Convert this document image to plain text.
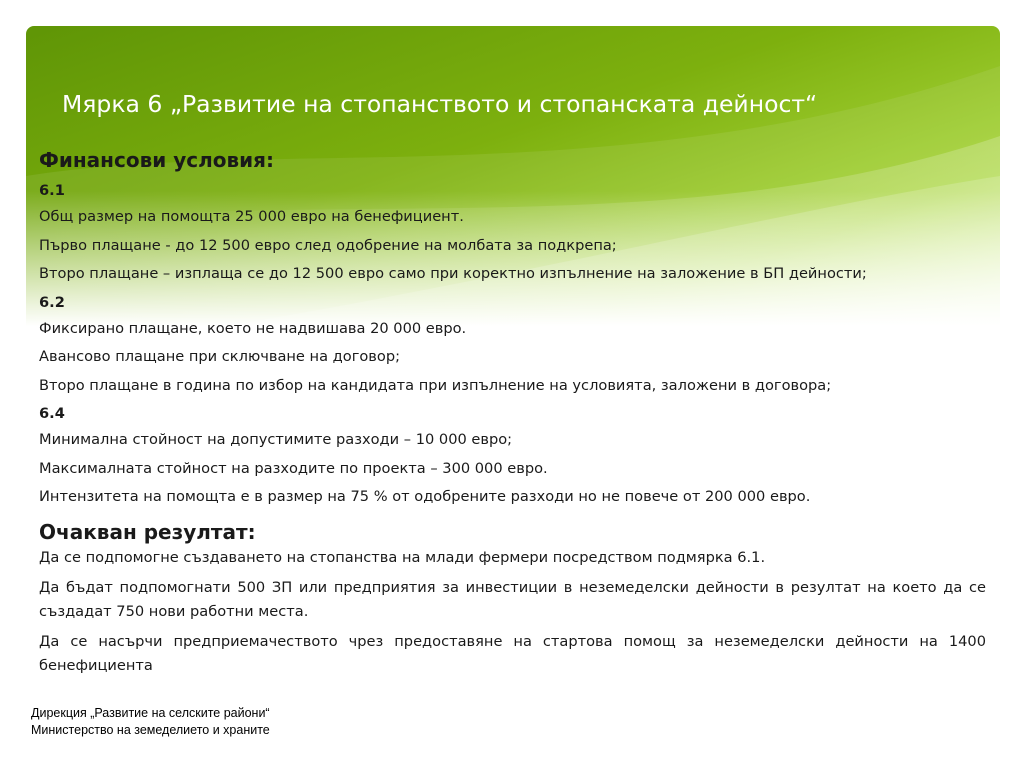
Мярка 6 „Развитие на стопанството и стопанската дейност“
Финансови условия:
6.1
Общ размер на помощта 25 000 евро на бенефициент.
Първо плащане - до 12 500 евро след одобрение на молбата за подкрепа;
Второ плащане – изплаща се до 12 500 евро само при коректно изпълнение на заложение в БП дейности;
6.2
Фиксирано плащане, което не надвишава 20 000 евро.
Авансово плащане при сключване на договор;
Второ плащане в година по избор на кандидата при изпълнение на условията, заложени в договора;
6.4
Минимална стойност на допустимите разходи – 10 000 евро;
Максималната стойност на разходите по проекта – 300 000 евро.
Интензитета на помощта е в размер на 75 % от одобрените разходи но не повече от 200 000 евро.
Очакван резултат:
Да се подпомогне създаването на стопанства на млади фермери посредством подмярка 6.1.
Да бъдат подпомогнати 500 ЗП или предприятия за инвестиции в неземеделски дейности в резултат на което да се създадат 750 нови работни места.
Да се насърчи предприемачеството чрез предоставяне на стартова помощ за неземеделски дейности на 1400 бенефициента
Дирекция „Развитие на селските райони“
Министерство на земеделието и храните
